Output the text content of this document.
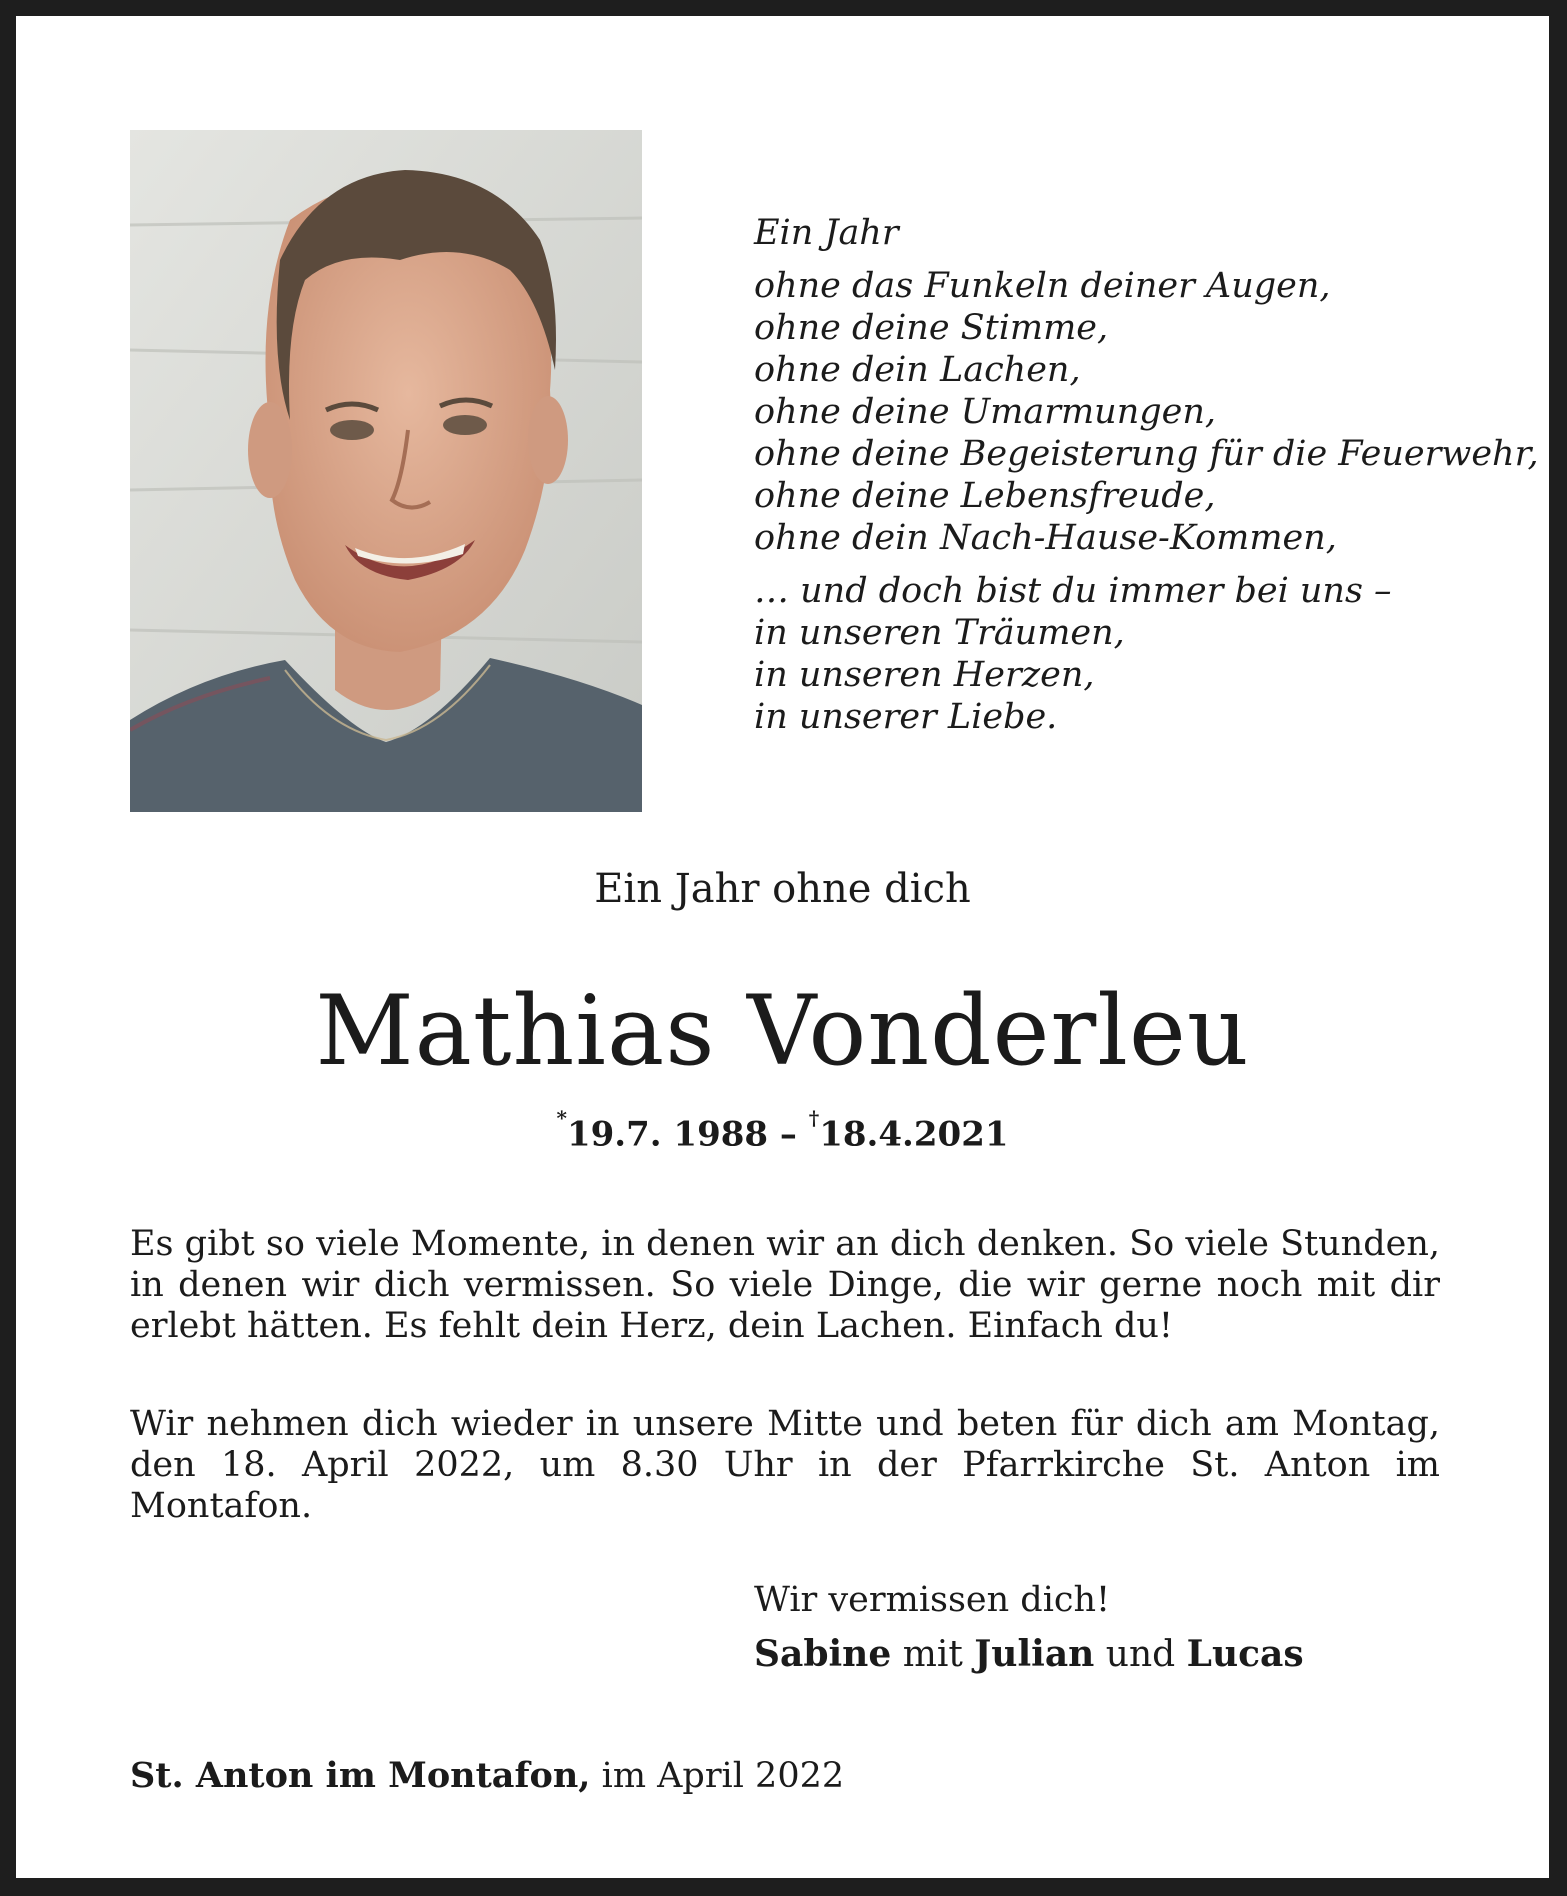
Ein Jahr
ohne das Funkeln deiner Augen,
ohne deine Stimme,
ohne dein Lachen,
ohne deine Umarmungen,
ohne deine Begeisterung für die Feuerwehr,
ohne deine Lebensfreude,
ohne dein Nach-Hause-Kommen,
… und doch bist du immer bei uns –
in unseren Träumen,
in unseren Herzen,
in unserer Liebe.
Ein Jahr ohne dich
Mathias Vonderleu
*19.7. 1988 – †18.4.2021
Es gibt so viele Momente, in denen wir an dich denken. So viele Stunden, in denen wir dich vermissen. So viele Dinge, die wir gerne noch mit dir erlebt hätten. Es fehlt dein Herz, dein Lachen. Einfach du!
Wir nehmen dich wieder in unsere Mitte und beten für dich am Montag, den 18. April 2022, um 8.30 Uhr in der Pfarrkirche St. Anton im Montafon.
Wir vermissen dich!
Sabine mit Julian und Lucas
St. Anton im Montafon, im April 2022
